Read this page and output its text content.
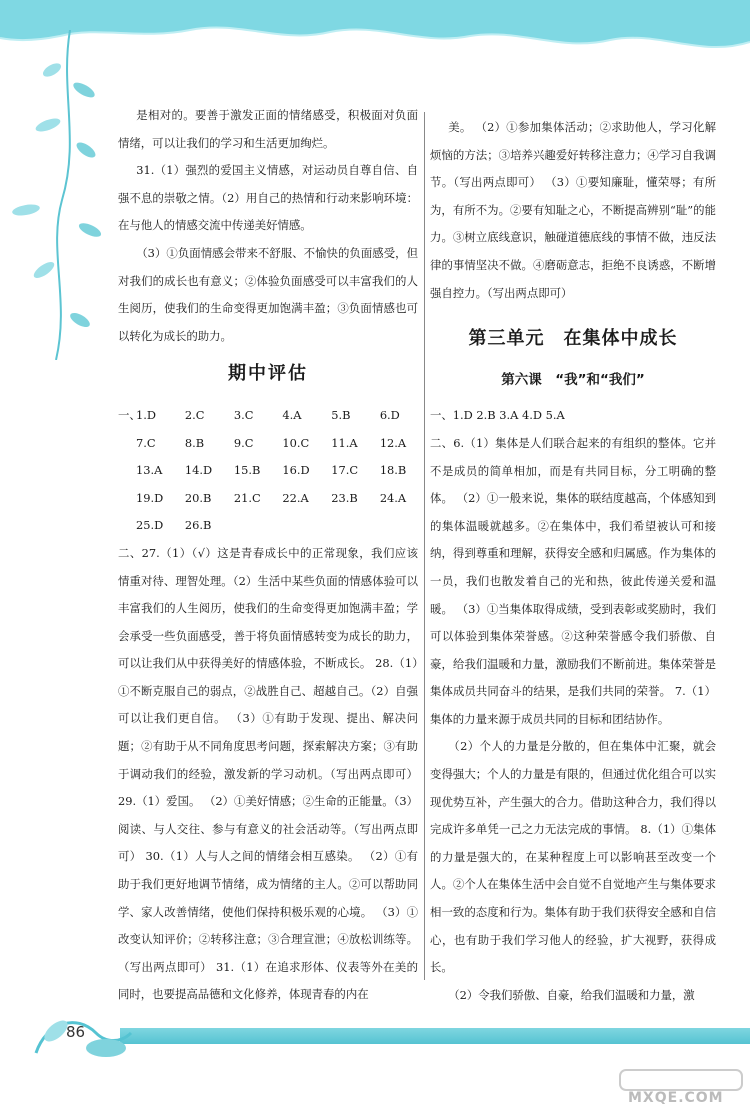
是相对的。要善于激发正面的情绪感受，积极面对负面情绪，可以让我们的学习和生活更加绚烂。

31.（1）强烈的爱国主义情感，对运动员自尊自信、自强不息的崇敬之情。（2）用自己的热情和行动来影响环境：在与他人的情感交流中传递美好情感。

（3）①负面情感会带来不舒服、不愉快的负面感受，但对我们的成长也有意义；②体验负面感受可以丰富我们的人生阅历，使我们的生命变得更加饱满丰盈；③负面情感也可以转化为成长的助力。

期中评估
一、
1.D	2.C	3.C	4.A	5.B	6.D
7.C	8.B	9.C	10.C	11.A	12.A
13.A	14.D	15.B	16.D	17.C	18.B
19.D	20.B	21.C	22.A	23.B	24.A
25.D	26.B

二、27.（1）（√）这是青春成长中的正常现象，我们应该情重对待、理智处理。（2）生活中某些负面的情感体验可以丰富我们的人生阅历，使我们的生命变得更加饱满丰盈；学会承受一些负面感受，善于将负面情感转变为成长的助力，可以让我们从中获得美好的情感体验，不断成长。 28.（1）①不断克服自己的弱点，②战胜自己、超越自己。（2）自强可以让我们更自信。 （3）①有助于发现、提出、解决问题；②有助于从不同角度思考问题，探索解决方案；③有助于调动我们的经验，激发新的学习动机。（写出两点即可） 29.（1）爱国。 （2）①美好情感；②生命的正能量。（3）阅读、与人交往、参与有意义的社会活动等。（写出两点即可） 30.（1）人与人之间的情绪会相互感染。 （2）①有助于我们更好地调节情绪，成为情绪的主人。②可以帮助同学、家人改善情绪，使他们保持积极乐观的心境。 （3）①改变认知评价；②转移注意；③合理宣泄；④放松训练等。（写出两点即可） 31.（1）在追求形体、仪表等外在美的同时，也要提高品德和文化修养，体现青春的内在

美。 （2）①参加集体活动；②求助他人，学习化解烦恼的方法；③培养兴趣爱好转移注意力；④学习自我调节。（写出两点即可） （3）①要知廉耻，懂荣辱；有所为，有所不为。②要有知耻之心，不断提高辨别“耻”的能力。③树立底线意识，触碰道德底线的事情不做，违反法律的事情坚决不做。④磨砺意志，拒绝不良诱惑，不断增强自控力。（写出两点即可）

第三单元　在集体中成长
第六课　“我”和“我们”

一、1.D 2.B 3.A 4.D 5.A

二、6.（1）集体是人们联合起来的有组织的整体。它并不是成员的简单相加，而是有共同目标，分工明确的整体。 （2）①一般来说，集体的联结度越高，个体感知到的集体温暖就越多。②在集体中，我们希望被认可和接纳，得到尊重和理解，获得安全感和归属感。作为集体的一员，我们也散发着自己的光和热，彼此传递关爱和温暖。 （3）①当集体取得成绩，受到表彰或奖励时，我们可以体验到集体荣誉感。②这种荣誉感令我们骄傲、自豪，给我们温暖和力量，激励我们不断前进。集体荣誉是集体成员共同奋斗的结果，是我们共同的荣誉。 7.（1）集体的力量来源于成员共同的目标和团结协作。

（2）个人的力量是分散的，但在集体中汇聚，就会变得强大；个人的力量是有限的，但通过优化组合可以实现优势互补，产生强大的合力。借助这种合力，我们得以完成许多单凭一己之力无法完成的事情。 8.（1）①集体的力量是强大的，在某种程度上可以影响甚至改变一个人。②个人在集体生活中会自觉不自觉地产生与集体要求相一致的态度和行为。集体有助于我们获得安全感和自信心，也有助于我们学习他人的经验，扩大视野，获得成长。

（2）令我们骄傲、自豪，给我们温暖和力量，激

86
MXQE.COM
